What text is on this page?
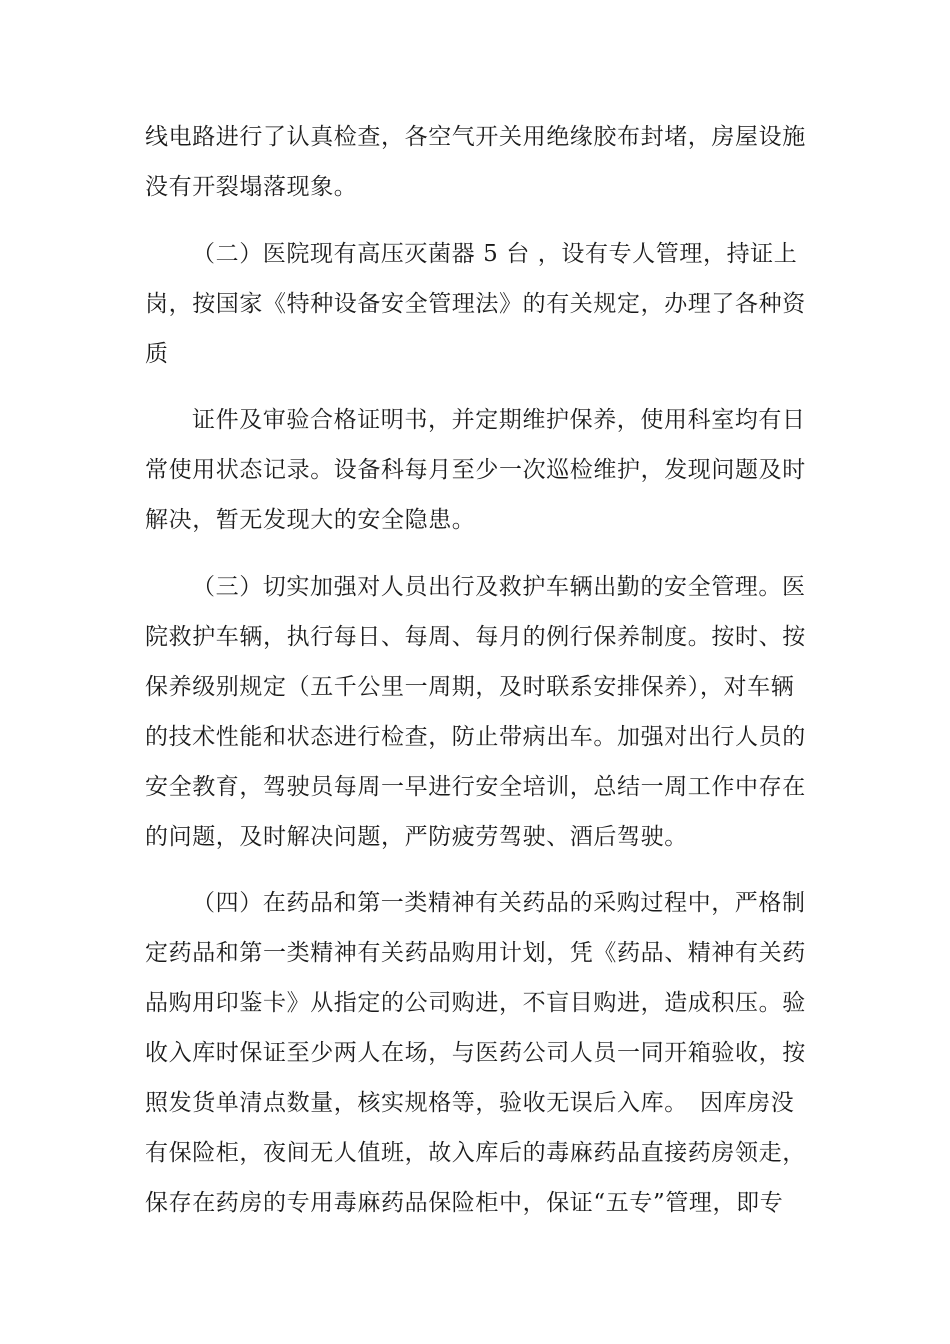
线电路进行了认真检查，各空气开关用绝缘胶布封堵，房屋设施

没有开裂塌落现象。

（二）医院现有高压灭菌器 5 台 ，设有专人管理，持证上

岗，按国家《特种设备安全管理法》的有关规定，办理了各种资

质

证件及审验合格证明书，并定期维护保养，使用科室均有日

常使用状态记录。设备科每月至少一次巡检维护，发现问题及时

解决，暂无发现大的安全隐患。

（三）切实加强对人员出行及救护车辆出勤的安全管理。医

院救护车辆，执行每日、每周、每月的例行保养制度。按时、按

保养级别规定（五千公里一周期，及时联系安排保养），对车辆

的技术性能和状态进行检查，防止带病出车。加强对出行人员的

安全教育，驾驶员每周一早进行安全培训，总结一周工作中存在

的问题，及时解决问题，严防疲劳驾驶、酒后驾驶。

（四）在药品和第一类精神有关药品的采购过程中，严格制

定药品和第一类精神有关药品购用计划，凭《药品、精神有关药

品购用印鉴卡》从指定的公司购进，不盲目购进，造成积压。验

收入库时保证至少两人在场，与医药公司人员一同开箱验收，按

照发货单清点数量，核实规格等，验收无误后入库。　因库房没

有保险柜，夜间无人值班，故入库后的毒麻药品直接药房领走，

保存在药房的专用毒麻药品保险柜中，保证“五专”管理，即专
